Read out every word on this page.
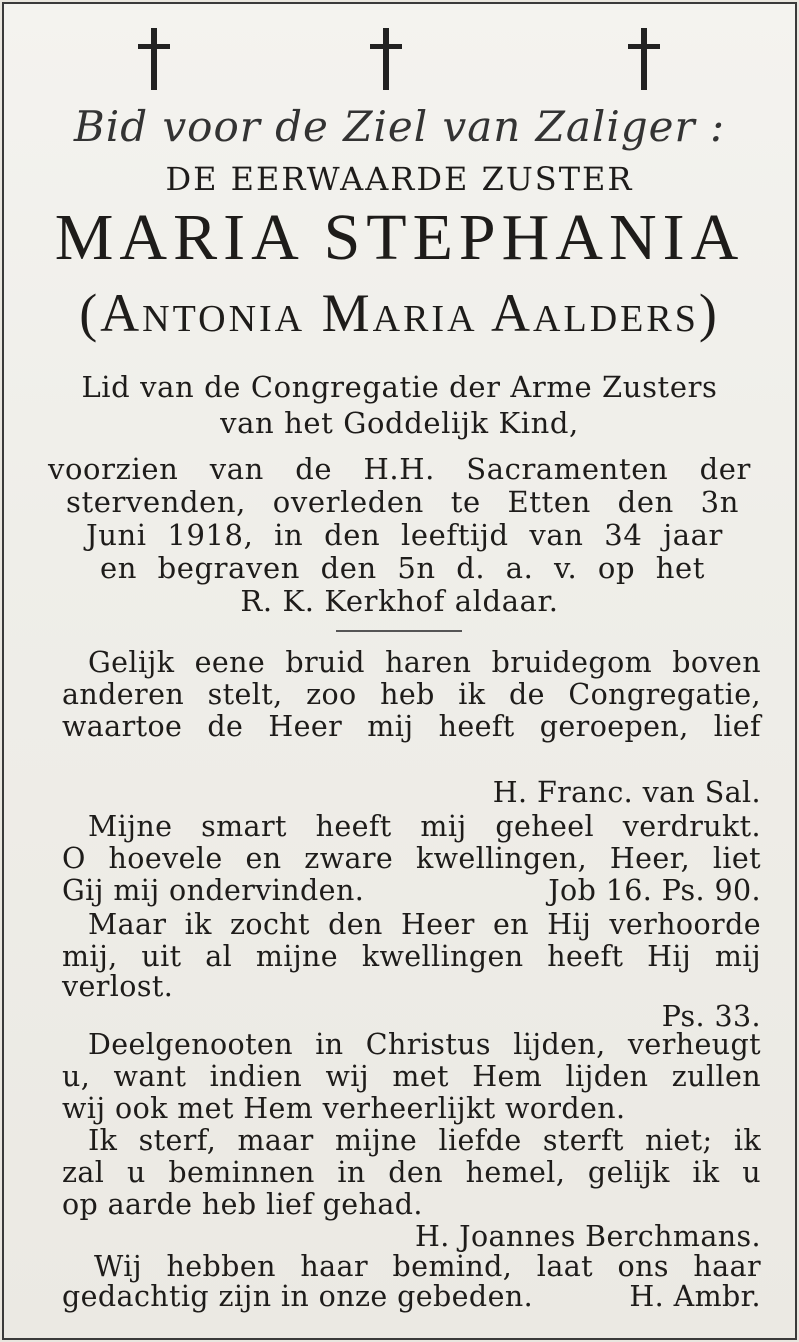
Bid voor de Ziel van Zaliger :
DE EERWAARDE ZUSTER
MARIA STEPHANIA
(Antonia Maria Aalders)
Lid van de Congregatie der Arme Zusters
van het Goddelijk Kind,
voorzien van de H.H. Sacramenten der
stervenden, overleden te Etten den 3n
Juni 1918, in den leeftijd van 34 jaar
en begraven den 5n d. a. v. op het
R. K. Kerkhof aldaar.
Gelijk eene bruid haren bruidegom boven
anderen stelt, zoo heb ik de Congregatie,
waartoe de Heer mij heeft geroepen, lief
H. Franc. van Sal.
Mijne smart heeft mij geheel verdrukt.
O hoevele en zware kwellingen, Heer, liet
Gij mij ondervinden.	Job 16. Ps. 90.
Maar ik zocht den Heer en Hij verhoorde
mij, uit al mijne kwellingen heeft Hij mij
verlost.
Ps. 33.
Deelgenooten in Christus lijden, verheugt
u, want indien wij met Hem lijden zullen
wij ook met Hem verheerlijkt worden.
Ik sterf, maar mijne liefde sterft niet; ik
zal u beminnen in den hemel, gelijk ik u
op aarde heb lief gehad.
H. Joannes Berchmans.
Wij hebben haar bemind, laat ons haar
gedachtig zijn in onze gebeden.	H. Ambr.
